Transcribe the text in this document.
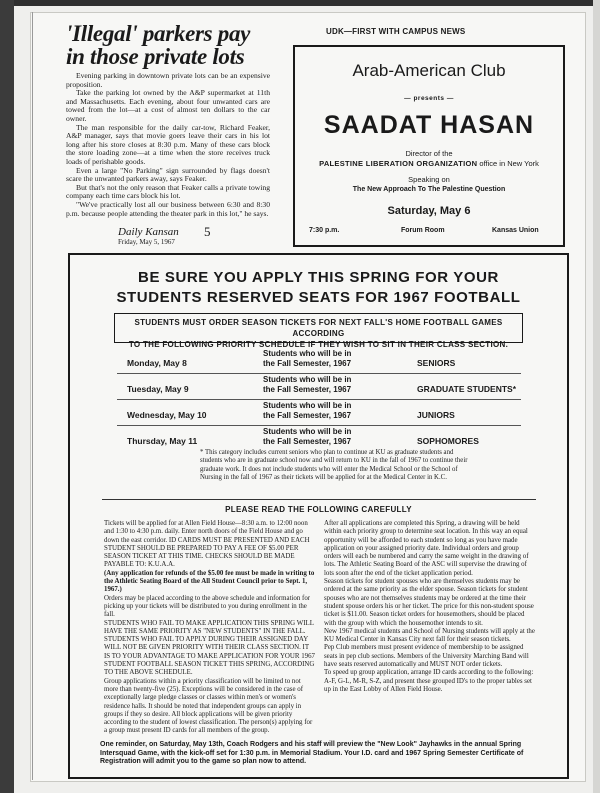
'Illegal' parkers pay
in those private lots

Evening parking in downtown private lots can be an expensive proposition.

Take the parking lot owned by the A&P supermarket at 11th and Massachusetts. Each evening, about four unwanted cars are towed from the lot—at a cost of almost ten dollars to the car owner.

The man responsible for the daily car-tow, Richard Feaker, A&P manager, says that movie goers leave their cars in his lot long after his store closes at 8:30 p.m. Many of these cars block the store loading zone—at a time when the store receives truck loads of perishable goods.

Even a large "No Parking" sign surrounded by flags doesn't scare the unwanted parkers away, says Feaker.

But that's not the only reason that Feaker calls a private towing company each time cars block his lot.

"We've practically lost all our business between 6:30 and 8:30 p.m. because people attending the theater park in this lot," he says.

Daily Kansan 5
Friday, May 5, 1967
UDK—FIRST WITH CAMPUS NEWS
Arab-American Club
— presents —
SAADAT HASAN
Director of the
PALESTINE LIBERATION ORGANIZATION office in New York
Speaking on
The New Approach To The Palestine Question
Saturday, May 6
7:30 p.m.	Forum Room	Kansas Union
BE SURE YOU APPLY THIS SPRING FOR YOUR
STUDENTS RESERVED SEATS FOR 1967 FOOTBALL
STUDENTS MUST ORDER SEASON TICKETS FOR NEXT FALL'S HOME FOOTBALL GAMES ACCORDING
TO THE FOLLOWING PRIORITY SCHEDULE IF THEY WISH TO SIT IN THEIR CLASS SECTION.
Monday, May 8
Students who will be in
the Fall Semester, 1967	SENIORS
Tuesday, May 9
Students who will be in
the Fall Semester, 1967	GRADUATE STUDENTS*
Wednesday, May 10
Students who will be in
the Fall Semester, 1967	JUNIORS
Thursday, May 11
Students who will be in
the Fall Semester, 1967	SOPHOMORES
* This category includes current seniors who plan to continue at KU as graduate students and students who are in graduate school now and will return to KU in the fall of 1967 to continue their graduate work. It does not include students who will enter the Medical School or the School of Nursing in the fall of 1967 as their tickets will be applied for at the Medical Center in K.C.
PLEASE READ THE FOLLOWING CAREFULLY

Tickets will be applied for at Allen Field House—8:30 a.m. to 12:00 noon and 1:30 to 4:30 p.m. daily. Enter north doors of the Field House and go down the east corridor. ID CARDS MUST BE PRESENTED AND EACH STUDENT SHOULD BE PREPARED TO PAY A FEE OF $5.00 PER SEASON TICKET AT THIS TIME. CHECKS SHOULD BE MADE PAYABLE TO: K.U.A.A.

(Any application for refunds of the $5.00 fee must be made in writing to the Athletic Seating Board of the All Student Council prior to Sept. 1, 1967.)

Orders may be placed according to the above schedule and information for picking up your tickets will be distributed to you during enrollment in the fall.

STUDENTS WHO FAIL TO MAKE APPLICATION THIS SPRING WILL HAVE THE SAME PRIORITY AS "NEW STUDENTS" IN THE FALL. STUDENTS WHO FAIL TO APPLY DURING THEIR ASSIGNED DAY WILL NOT BE GIVEN PRIORITY WITH THEIR CLASS SECTION. IT IS TO YOUR ADVANTAGE TO MAKE APPLICATION FOR YOUR 1967 STUDENT FOOTBALL SEASON TICKET THIS SPRING, ACCORDING TO THE ABOVE SCHEDULE.

Group applications within a priority classification will be limited to not more than twenty-five (25). Exceptions will be considered in the case of exceptionally large pledge classes or classes within men's or women's residence halls. It should be noted that independent groups can apply in groups if they so desire. All block applications will be given priority according to the student of lowest classification. The person(s) applying for a group must present ID cards for all members of the group.

After all applications are completed this Spring, a drawing will be held within each priority group to determine seat location. In this way an equal opportunity will be afforded to each student so long as you have made application on your assigned priority date. Individual orders and group orders will each be numbered and carry the same weight in the drawing of lots. The Athletic Seating Board of the ASC will supervise the drawing of lots soon after the end of the ticket application period.

Season tickets for student spouses who are themselves students may be ordered at the same priority as the elder spouse. Season tickets for student spouses who are not themselves students may be ordered at the time their student spouse orders his or her ticket. The price for this non-student spouse ticket is $11.00. Season ticket orders for housemothers, should be placed with the group with which the housemother intends to sit.

New 1967 medical students and School of Nursing students will apply at the KU Medical Center in Kansas City next fall for their season tickets.

Pep Club members must present evidence of membership to be assigned seats in pep club sections. Members of the University Marching Band will have seats reserved automatically and MUST NOT order tickets.

To speed up group application, arrange ID cards according to the following: A-F, G-L, M-R, S-Z, and present these grouped ID's to the proper tables set up in the East Lobby of Allen Field House.

One reminder, on Saturday, May 13th, Coach Rodgers and his staff will preview the "New Look" Jayhawks in the annual Spring Intersquad Game, with the kick-off set for 1:30 p.m. in Memorial Stadium. Your I.D. card and 1967 Spring Semester Certificate of Registration will admit you to the game so plan now to attend.
